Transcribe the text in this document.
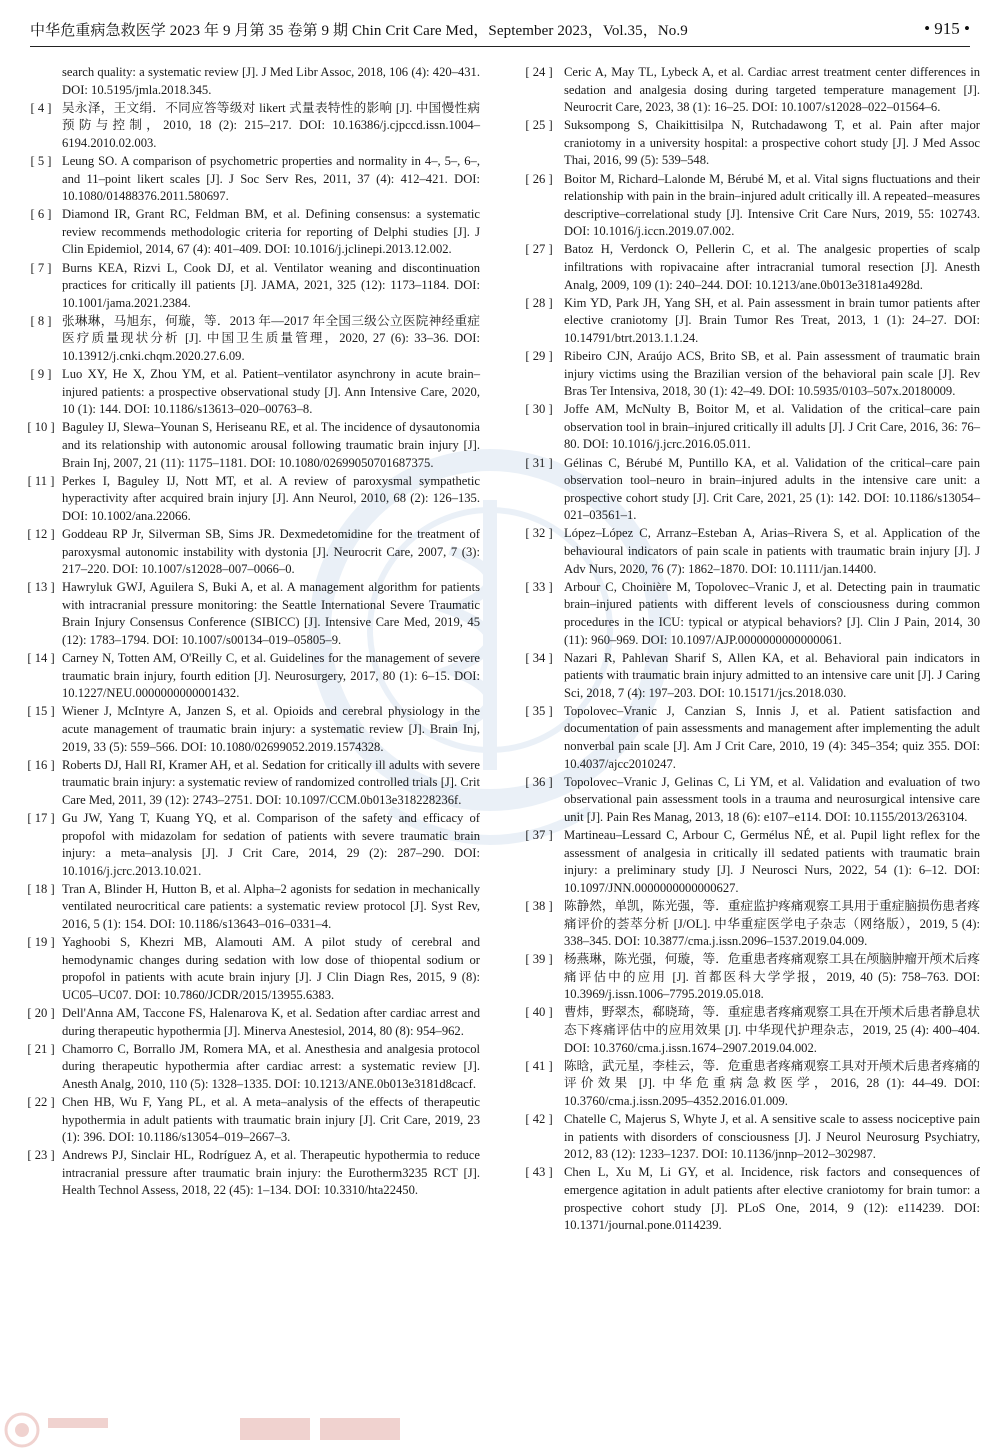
中华危重病急救医学 2023 年 9 月第 35 卷第 9 期 Chin Crit Care Med，September 2023，Vol.35，No.9	• 915 •
search quality: a systematic review [J]. J Med Libr Assoc, 2018, 106 (4): 420–431. DOI: 10.5195/jmla.2018.345.
[ 4 ] 吴永泽，王文绢．不同应答等级对 likert 式量表特性的影响 [J]. 中国慢性病预防与控制，2010, 18 (2): 215–217. DOI: 10.16386/j.cjpccd.issn.1004–6194.2010.02.003.
[ 5 ] Leung SO. A comparison of psychometric properties and normality in 4–, 5–, 6–, and 11–point likert scales [J]. J Soc Serv Res, 2011, 37 (4): 412–421. DOI: 10.1080/01488376.2011.580697.
[ 6 ] Diamond IR, Grant RC, Feldman BM, et al. Defining consensus: a systematic review recommends methodologic criteria for reporting of Delphi studies [J]. J Clin Epidemiol, 2014, 67 (4): 401–409. DOI: 10.1016/j.jclinepi.2013.12.002.
[ 7 ] Burns KEA, Rizvi L, Cook DJ, et al. Ventilator weaning and discontinuation practices for critically ill patients [J]. JAMA, 2021, 325 (12): 1173–1184. DOI: 10.1001/jama.2021.2384.
[ 8 ] 张琳琳，马旭东，何璇，等．2013 年—2017 年全国三级公立医院神经重症医疗质量现状分析 [J]. 中国卫生质量管理，2020, 27 (6): 33–36. DOI: 10.13912/j.cnki.chqm.2020.27.6.09.
[ 9 ] Luo XY, He X, Zhou YM, et al. Patient–ventilator asynchrony in acute brain–injured patients: a prospective observational study [J]. Ann Intensive Care, 2020, 10 (1): 144. DOI: 10.1186/s13613–020–00763–8.
[ 10 ] Baguley IJ, Slewa–Younan S, Heriseanu RE, et al. The incidence of dysautonomia and its relationship with autonomic arousal following traumatic brain injury [J]. Brain Inj, 2007, 21 (11): 1175–1181. DOI: 10.1080/02699050701687375.
[ 11 ] Perkes I, Baguley IJ, Nott MT, et al. A review of paroxysmal sympathetic hyperactivity after acquired brain injury [J]. Ann Neurol, 2010, 68 (2): 126–135. DOI: 10.1002/ana.22066.
[ 12 ] Goddeau RP Jr, Silverman SB, Sims JR. Dexmedetomidine for the treatment of paroxysmal autonomic instability with dystonia [J]. Neurocrit Care, 2007, 7 (3): 217–220. DOI: 10.1007/s12028–007–0066–0.
[ 13 ] Hawryluk GWJ, Aguilera S, Buki A, et al. A management algorithm for patients with intracranial pressure monitoring: the Seattle International Severe Traumatic Brain Injury Consensus Conference (SIBICC) [J]. Intensive Care Med, 2019, 45 (12): 1783–1794. DOI: 10.1007/s00134–019–05805–9.
[ 14 ] Carney N, Totten AM, O'Reilly C, et al. Guidelines for the management of severe traumatic brain injury, fourth edition [J]. Neurosurgery, 2017, 80 (1): 6–15. DOI: 10.1227/NEU.0000000000001432.
[ 15 ] Wiener J, McIntyre A, Janzen S, et al. Opioids and cerebral physiology in the acute management of traumatic brain injury: a systematic review [J]. Brain Inj, 2019, 33 (5): 559–566. DOI: 10.1080/02699052.2019.1574328.
[ 16 ] Roberts DJ, Hall RI, Kramer AH, et al. Sedation for critically ill adults with severe traumatic brain injury: a systematic review of randomized controlled trials [J]. Crit Care Med, 2011, 39 (12): 2743–2751. DOI: 10.1097/CCM.0b013e318228236f.
[ 17 ] Gu JW, Yang T, Kuang YQ, et al. Comparison of the safety and efficacy of propofol with midazolam for sedation of patients with severe traumatic brain injury: a meta–analysis [J]. J Crit Care, 2014, 29 (2): 287–290. DOI: 10.1016/j.jcrc.2013.10.021.
[ 18 ] Tran A, Blinder H, Hutton B, et al. Alpha–2 agonists for sedation in mechanically ventilated neurocritical care patients: a systematic review protocol [J]. Syst Rev, 2016, 5 (1): 154. DOI: 10.1186/s13643–016–0331–4.
[ 19 ] Yaghoobi S, Khezri MB, Alamouti AM. A pilot study of cerebral and hemodynamic changes during sedation with low dose of thiopental sodium or propofol in patients with acute brain injury [J]. J Clin Diagn Res, 2015, 9 (8): UC05–UC07. DOI: 10.7860/JCDR/2015/13955.6383.
[ 20 ] Dell'Anna AM, Taccone FS, Halenarova K, et al. Sedation after cardiac arrest and during therapeutic hypothermia [J]. Minerva Anestesiol, 2014, 80 (8): 954–962.
[ 21 ] Chamorro C, Borrallo JM, Romera MA, et al. Anesthesia and analgesia protocol during therapeutic hypothermia after cardiac arrest: a systematic review [J]. Anesth Analg, 2010, 110 (5): 1328–1335. DOI: 10.1213/ANE.0b013e3181d8cacf.
[ 22 ] Chen HB, Wu F, Yang PL, et al. A meta–analysis of the effects of therapeutic hypothermia in adult patients with traumatic brain injury [J]. Crit Care, 2019, 23 (1): 396. DOI: 10.1186/s13054–019–2667–3.
[ 23 ] Andrews PJ, Sinclair HL, Rodríguez A, et al. Therapeutic hypothermia to reduce intracranial pressure after traumatic brain injury: the Eurotherm3235 RCT [J]. Health Technol Assess, 2018, 22 (45): 1–134. DOI: 10.3310/hta22450.
[ 24 ] Ceric A, May TL, Lybeck A, et al. Cardiac arrest treatment center differences in sedation and analgesia dosing during targeted temperature management [J]. Neurocrit Care, 2023, 38 (1): 16–25. DOI: 10.1007/s12028–022–01564–6.
[ 25 ] Suksompong S, Chaikittisilpa N, Rutchadawong T, et al. Pain after major craniotomy in a university hospital: a prospective cohort study [J]. J Med Assoc Thai, 2016, 99 (5): 539–548.
[ 26 ] Boitor M, Richard–Lalonde M, Bérubé M, et al. Vital signs fluctuations and their relationship with pain in the brain–injured adult critically ill. A repeated–measures descriptive–correlational study [J]. Intensive Crit Care Nurs, 2019, 55: 102743. DOI: 10.1016/j.iccn.2019.07.002.
[ 27 ] Batoz H, Verdonck O, Pellerin C, et al. The analgesic properties of scalp infiltrations with ropivacaine after intracranial tumoral resection [J]. Anesth Analg, 2009, 109 (1): 240–244. DOI: 10.1213/ane.0b013e3181a4928d.
[ 28 ] Kim YD, Park JH, Yang SH, et al. Pain assessment in brain tumor patients after elective craniotomy [J]. Brain Tumor Res Treat, 2013, 1 (1): 24–27. DOI: 10.14791/btrt.2013.1.1.24.
[ 29 ] Ribeiro CJN, Araújo ACS, Brito SB, et al. Pain assessment of traumatic brain injury victims using the Brazilian version of the behavioral pain scale [J]. Rev Bras Ter Intensiva, 2018, 30 (1): 42–49. DOI: 10.5935/0103–507x.20180009.
[ 30 ] Joffe AM, McNulty B, Boitor M, et al. Validation of the critical–care pain observation tool in brain–injured critically ill adults [J]. J Crit Care, 2016, 36: 76–80. DOI: 10.1016/j.jcrc.2016.05.011.
[ 31 ] Gélinas C, Bérubé M, Puntillo KA, et al. Validation of the critical–care pain observation tool–neuro in brain–injured adults in the intensive care unit: a prospective cohort study [J]. Crit Care, 2021, 25 (1): 142. DOI: 10.1186/s13054–021–03561–1.
[ 32 ] López–López C, Arranz–Esteban A, Arias–Rivera S, et al. Application of the behavioural indicators of pain scale in patients with traumatic brain injury [J]. J Adv Nurs, 2020, 76 (7): 1862–1870. DOI: 10.1111/jan.14400.
[ 33 ] Arbour C, Choinière M, Topolovec–Vranic J, et al. Detecting pain in traumatic brain–injured patients with different levels of consciousness during common procedures in the ICU: typical or atypical behaviors? [J]. Clin J Pain, 2014, 30 (11): 960–969. DOI: 10.1097/AJP.0000000000000061.
[ 34 ] Nazari R, Pahlevan Sharif S, Allen KA, et al. Behavioral pain indicators in patients with traumatic brain injury admitted to an intensive care unit [J]. J Caring Sci, 2018, 7 (4): 197–203. DOI: 10.15171/jcs.2018.030.
[ 35 ] Topolovec–Vranic J, Canzian S, Innis J, et al. Patient satisfaction and documentation of pain assessments and management after implementing the adult nonverbal pain scale [J]. Am J Crit Care, 2010, 19 (4): 345–354; quiz 355. DOI: 10.4037/ajcc2010247.
[ 36 ] Topolovec–Vranic J, Gelinas C, Li YM, et al. Validation and evaluation of two observational pain assessment tools in a trauma and neurosurgical intensive care unit [J]. Pain Res Manag, 2013, 18 (6): e107–e114. DOI: 10.1155/2013/263104.
[ 37 ] Martineau–Lessard C, Arbour C, Germélus NÉ, et al. Pupil light reflex for the assessment of analgesia in critically ill sedated patients with traumatic brain injury: a preliminary study [J]. J Neurosci Nurs, 2022, 54 (1): 6–12. DOI: 10.1097/JNN.0000000000000627.
[ 38 ] 陈静然，单凯，陈光强，等．重症监护疼痛观察工具用于重症脑损伤患者疼痛评价的荟萃分析 [J/OL]. 中华重症医学电子杂志（网络版），2019, 5 (4): 338–345. DOI: 10.3877/cma.j.issn.2096–1537.2019.04.009.
[ 39 ] 杨燕琳，陈光强，何璇，等．危重患者疼痛观察工具在颅脑肿瘤开颅术后疼痛评估中的应用 [J]. 首都医科大学学报，2019, 40 (5): 758–763. DOI: 10.3969/j.issn.1006–7795.2019.05.018.
[ 40 ] 曹炜，野翠杰，郗晓琦，等．重症患者疼痛观察工具在开颅术后患者静息状态下疼痛评估中的应用效果 [J]. 中华现代护理杂志，2019, 25 (4): 400–404. DOI: 10.3760/cma.j.issn.1674–2907.2019.04.002.
[ 41 ] 陈晗，武元星，李桂云，等．危重患者疼痛观察工具对开颅术后患者疼痛的评价效果 [J]. 中华危重病急救医学，2016, 28 (1): 44–49. DOI: 10.3760/cma.j.issn.2095–4352.2016.01.009.
[ 42 ] Chatelle C, Majerus S, Whyte J, et al. A sensitive scale to assess nociceptive pain in patients with disorders of consciousness [J]. J Neurol Neurosurg Psychiatry, 2012, 83 (12): 1233–1237. DOI: 10.1136/jnnp–2012–302987.
[ 43 ] Chen L, Xu M, Li GY, et al. Incidence, risk factors and consequences of emergence agitation in adult patients after elective craniotomy for brain tumor: a prospective cohort study [J]. PLoS One, 2014, 9 (12): e114239. DOI: 10.1371/journal.pone.0114239.
